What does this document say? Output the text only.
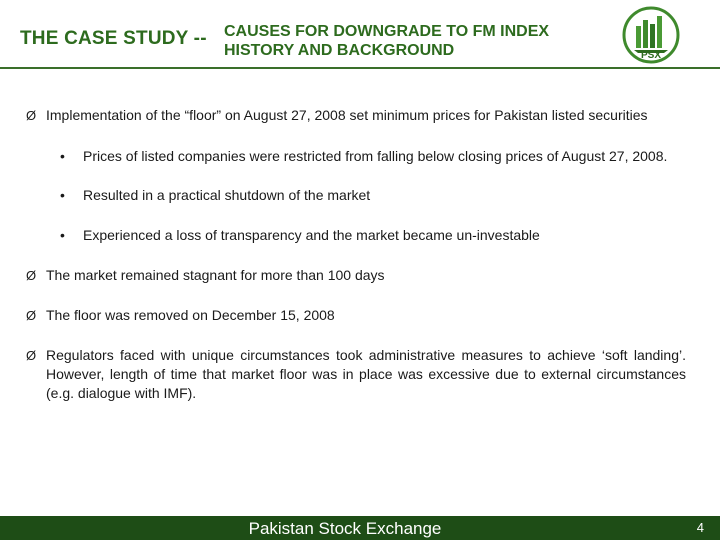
THE CASE STUDY -- CAUSES FOR DOWNGRADE TO FM INDEX
HISTORY AND BACKGROUND	PSX
Ø Implementation of the “floor” on August 27, 2008 set minimum prices for Pakistan listed securities
• Prices of listed companies were restricted from falling below closing prices of August 27, 2008.
• Resulted in a practical shutdown of the market
• Experienced a loss of transparency and the market became un-investable
Ø The market remained stagnant for more than 100 days
Ø The floor was removed on December 15, 2008
Ø Regulators faced with unique circumstances took administrative measures to achieve ‘soft landing’. However, length of time that market floor was in place was excessive due to external circumstances (e.g. dialogue with IMF).
Pakistan Stock Exchange	4
